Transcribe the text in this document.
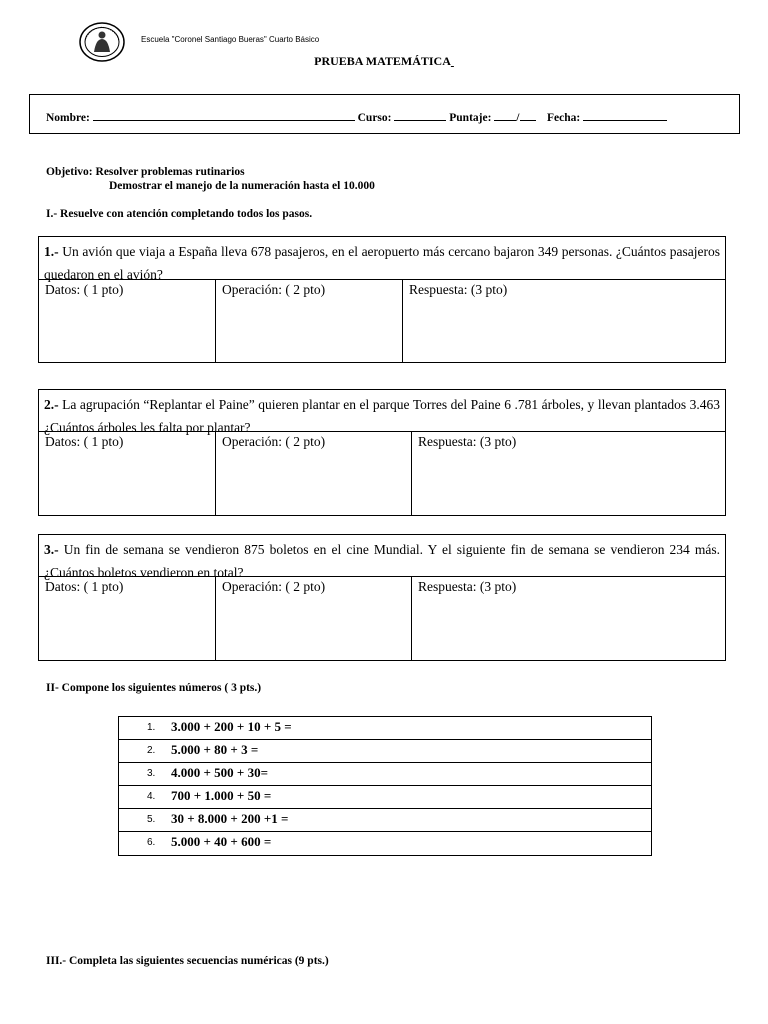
Escuela "Coronel Santiago Bueras" Cuarto Básico
PRUEBA MATEMÁTICA
Nombre:	Curso:	Puntaje: / Fecha:
Objetivo: Resolver problemas rutinarios
Demostrar el manejo de la numeración hasta el 10.000
I.- Resuelve con atención completando todos los pasos.
1.- Un avión que viaja a España lleva 678 pasajeros, en el aeropuerto más cercano bajaron 349 personas. ¿Cuántos pasajeros quedaron en el avión?
Datos: ( 1 pto)	Operación: ( 2 pto)	Respuesta: (3 pto)
2.- La agrupación “Replantar el Paine” quieren plantar en el parque Torres del Paine 6 .781 árboles, y llevan plantados 3.463 ¿Cuántos árboles les falta por plantar?
Datos: ( 1 pto)	Operación: ( 2 pto)	Respuesta: (3 pto)
3.- Un fin de semana se vendieron 875 boletos en el cine Mundial. Y el siguiente fin de semana se vendieron 234 más. ¿Cuántos boletos vendieron en total?
Datos: ( 1 pto)	Operación: ( 2 pto)	Respuesta: (3 pto)
II- Compone los siguientes números ( 3 pts.)
1. 3.000 + 200 + 10 + 5 =
2. 5.000 + 80 + 3 =
3. 4.000 + 500 + 30=
4. 700 + 1.000 + 50 =
5. 30 + 8.000 + 200 +1 =
6. 5.000 + 40 + 600 =
III.- Completa las siguientes secuencias numéricas (9 pts.)
